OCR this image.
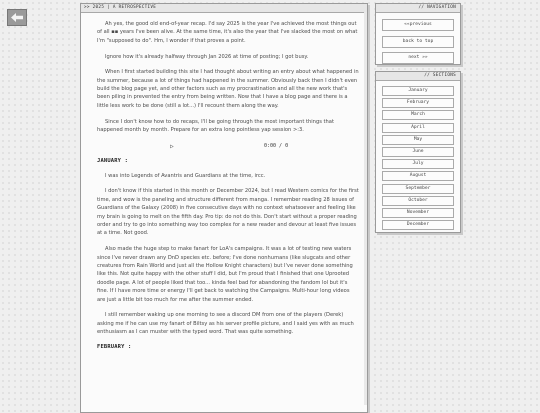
>> 2025 | A RETROSPECTIVE

Ah yes, the good old end-of-year recap. I'd say 2025 is the year I've achieved the most things out of all ▪▪ years I've been alive. At the same time, it's also the year that I've slacked the most on what I'm "supposed to do". Hm, I wonder if that proves a point.

Ignore how it's already halfway through Jan 2026 at time of posting; I got busy.

When I first started building this site I had thought about writing an entry about what happened in the summer, because a lot of things had happened in the summer. Obviously back then I didn't even build the blog page yet, and other factors such as my procrastination and all the new work that's been piling in prevented the entry from being written. Now that I have a blog page and there is a little less work to be done (still a lot...) I'll recount them along the way.

Since I don't know how to do recaps, I'll be going through the most important things that happened month by month. Prepare for an extra long pointless yap session >:3.

▷	0:00 / 0
JANUARY :

I was into Legends of Avantris and Guardians at the time, ircc.

I don't know if this started in this month or December 2024, but I read Western comics for the first time, and wow is the paneling and structure different from manga. I remember reading 28 issues of Guardians of the Galaxy (2008) in five consecutive days with no context whatsoever and feeling like my brain is going to melt on the fifth day. Pro tip: do not do this. Don't start without a proper reading order and try to go into something way too complex for a new reader and devour at least five issues at a time. Not good.

Also made the huge step to make fanart for LoA's campaigns. It was a lot of testing new waters since I've never drawn any DnD species etc. before; I've done nonhumans (like slugcats and other creatures from Rain World and just all the Hollow Knight characters) but I've never done something like this. Not quite happy with the other stuff I did, but I'm proud that I finished that one Uprooted doodle page. A lot of people liked that too... kinda feel bad for abandoning the fandom lol but it's fine. If I have more time or energy I'll get back to watching the Campaigns. Multi-hour long videos are just a little bit too much for me after the summer ended.

I still remember waking up one morning to see a discord DM from one of the players (Derek) asking me if he can use my fanart of Biltsy as his server profile picture, and I said yes with as much enthusiasm as I can muster with the typed word. That was quite something.

FEBRUARY :
// NAVIGATION
««previous
back to top
next »»
// SECTIONS
January
February
March
April
May
June
July
August
September
October
November
December
